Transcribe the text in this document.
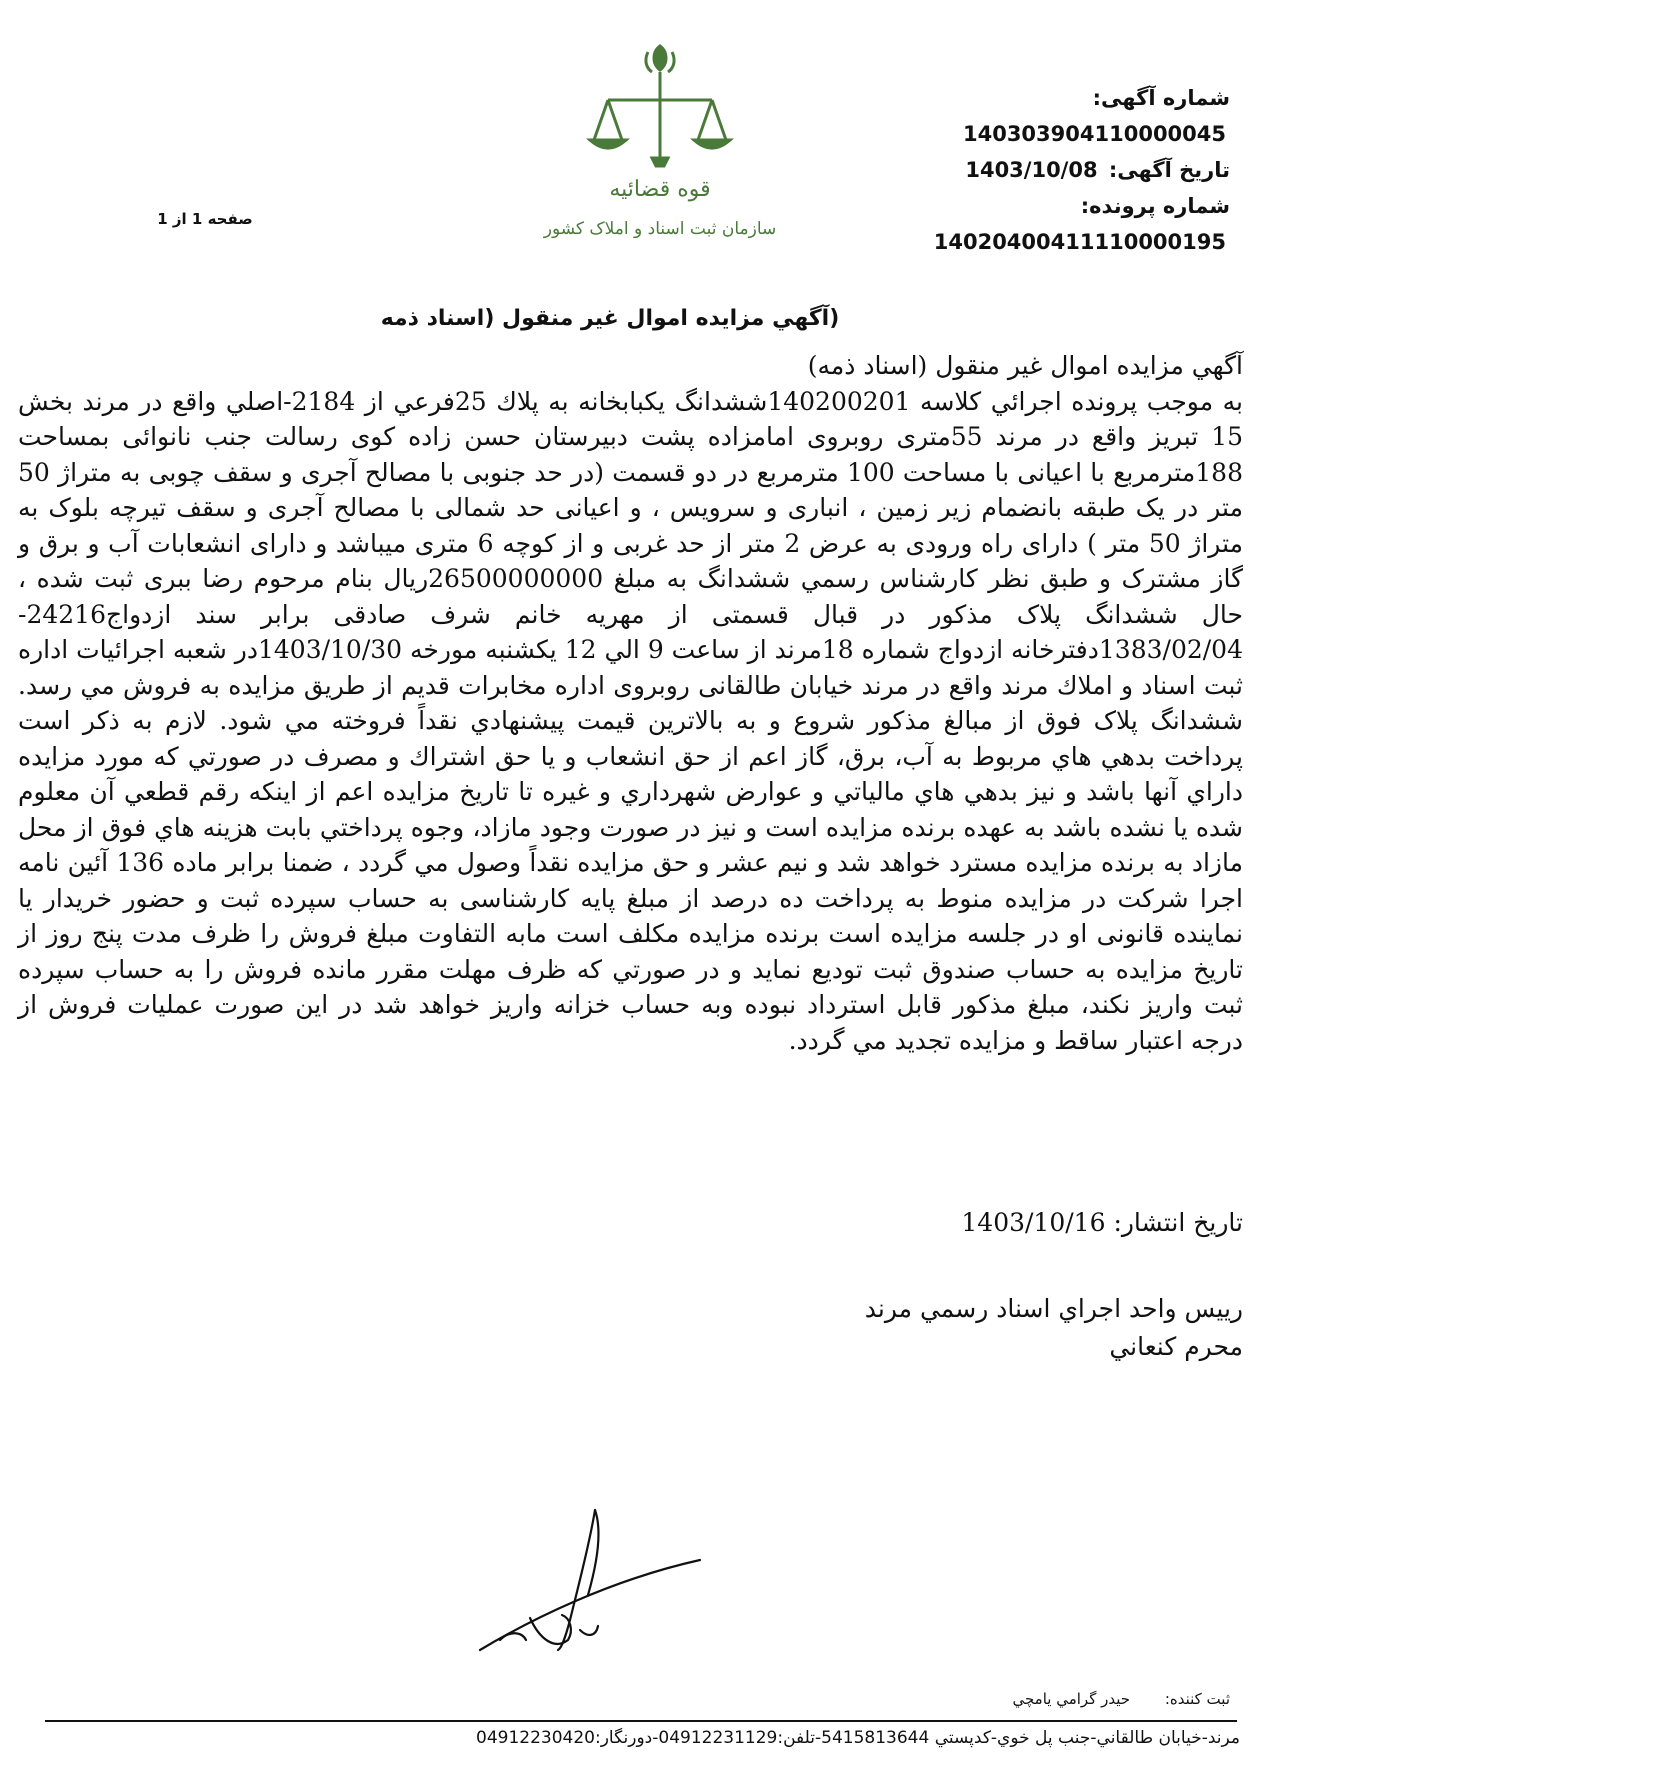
شماره آگهی: 140303904110000045
تاریخ آگهی: 1403/10/08
شماره پرونده: 14020400411110000195
قوه قضائیه
سازمان ثبت اسناد و املاک کشور
صفحه 1 از 1
(آگهي مزايده اموال غير منقول (اسناد ذمه

آگهي مزايده اموال غير منقول (اسناد ذمه)

به موجب پرونده اجرائي كلاسه 140200201ششدانگ يكبابخانه به پلاك 25فرعي از 2184-اصلي واقع در مرند بخش 15 تبریز واقع در مرند 55متری روبروی امامزاده پشت دبیرستان حسن زاده کوی رسالت جنب نانوائی بمساحت 188مترمربع با اعیانی با مساحت 100 مترمربع در دو قسمت (در حد جنوبی با مصالح آجری و سقف چوبی به متراژ 50 متر در یک طبقه بانضمام زیر زمین ، انباری و سرویس ، و اعیانی حد شمالی با مصالح آجری و سقف تیرچه بلوک به متراژ 50 متر ) دارای راه ورودی به عرض 2 متر از حد غربی و از کوچه 6 متری میباشد و دارای انشعابات آب و برق و گاز مشترک و طبق نظر کارشناس رسمي ششدانگ به مبلغ 26500000000ريال بنام مرحوم رضا ببری ثبت شده ، حال ششدانگ پلاک مذکور در قبال قسمتی از مهریه خانم شرف صادقی برابر سند ازدواج24216-1383/02/04دفترخانه ازدواج شماره 18مرند از ساعت 9 الي 12 یکشنبه مورخه 1403/10/30در شعبه اجرائیات اداره ثبت اسناد و املاك مرند واقع در مرند خیابان طالقانی روبروی اداره مخابرات قدیم از طريق مزايده به فروش مي رسد. ششدانگ پلاک فوق از مبالغ مذكور شروع و به بالاترين قيمت پيشنهادي نقداً فروخته مي شود. لازم به ذكر است پرداخت بدهي هاي مربوط به آب، برق، گاز اعم از حق انشعاب و يا حق اشتراك و مصرف در صورتي كه مورد مزايده داراي آنها باشد و نيز بدهي هاي مالياتي و عوارض شهرداري و غيره تا تاريخ مزايده اعم از اينكه رقم قطعي آن معلوم شده يا نشده باشد به عهده برنده مزايده است و نيز در صورت وجود مازاد، وجوه پرداختي بابت هزينه هاي فوق از محل مازاد به برنده مزايده مسترد خواهد شد و نیم عشر و حق مزایده نقداً وصول مي گردد ، ضمنا برابر ماده 136 آئین نامه اجرا شرکت در مزایده منوط به پرداخت ده درصد از مبلغ پایه کارشناسی به حساب سپرده ثبت و حضور خریدار یا نماینده قانونی او در جلسه مزایده است برنده مزایده مکلف است مابه التفاوت مبلغ فروش را ظرف مدت پنج روز از تاریخ مزایده به حساب صندوق ثبت تودیع نماید و در صورتي كه ظرف مهلت مقرر مانده فروش را به حساب سپرده ثبت واريز نكند، مبلغ مذکور قابل استرداد نبوده وبه حساب خزانه واریز خواهد شد در این صورت عملیات فروش از درجه اعتبار ساقط و مزایده تجدید مي گردد.

تاریخ انتشار: 1403/10/16
رييس واحد اجراي اسناد رسمي مرند
محرم كنعاني
ثبت كننده: حيدر گرامي يامچي
مرند-خيابان طالقاني-جنب پل خوي-كدپستي 5415813644-تلفن:04912231129-دورنگار:04912230420
